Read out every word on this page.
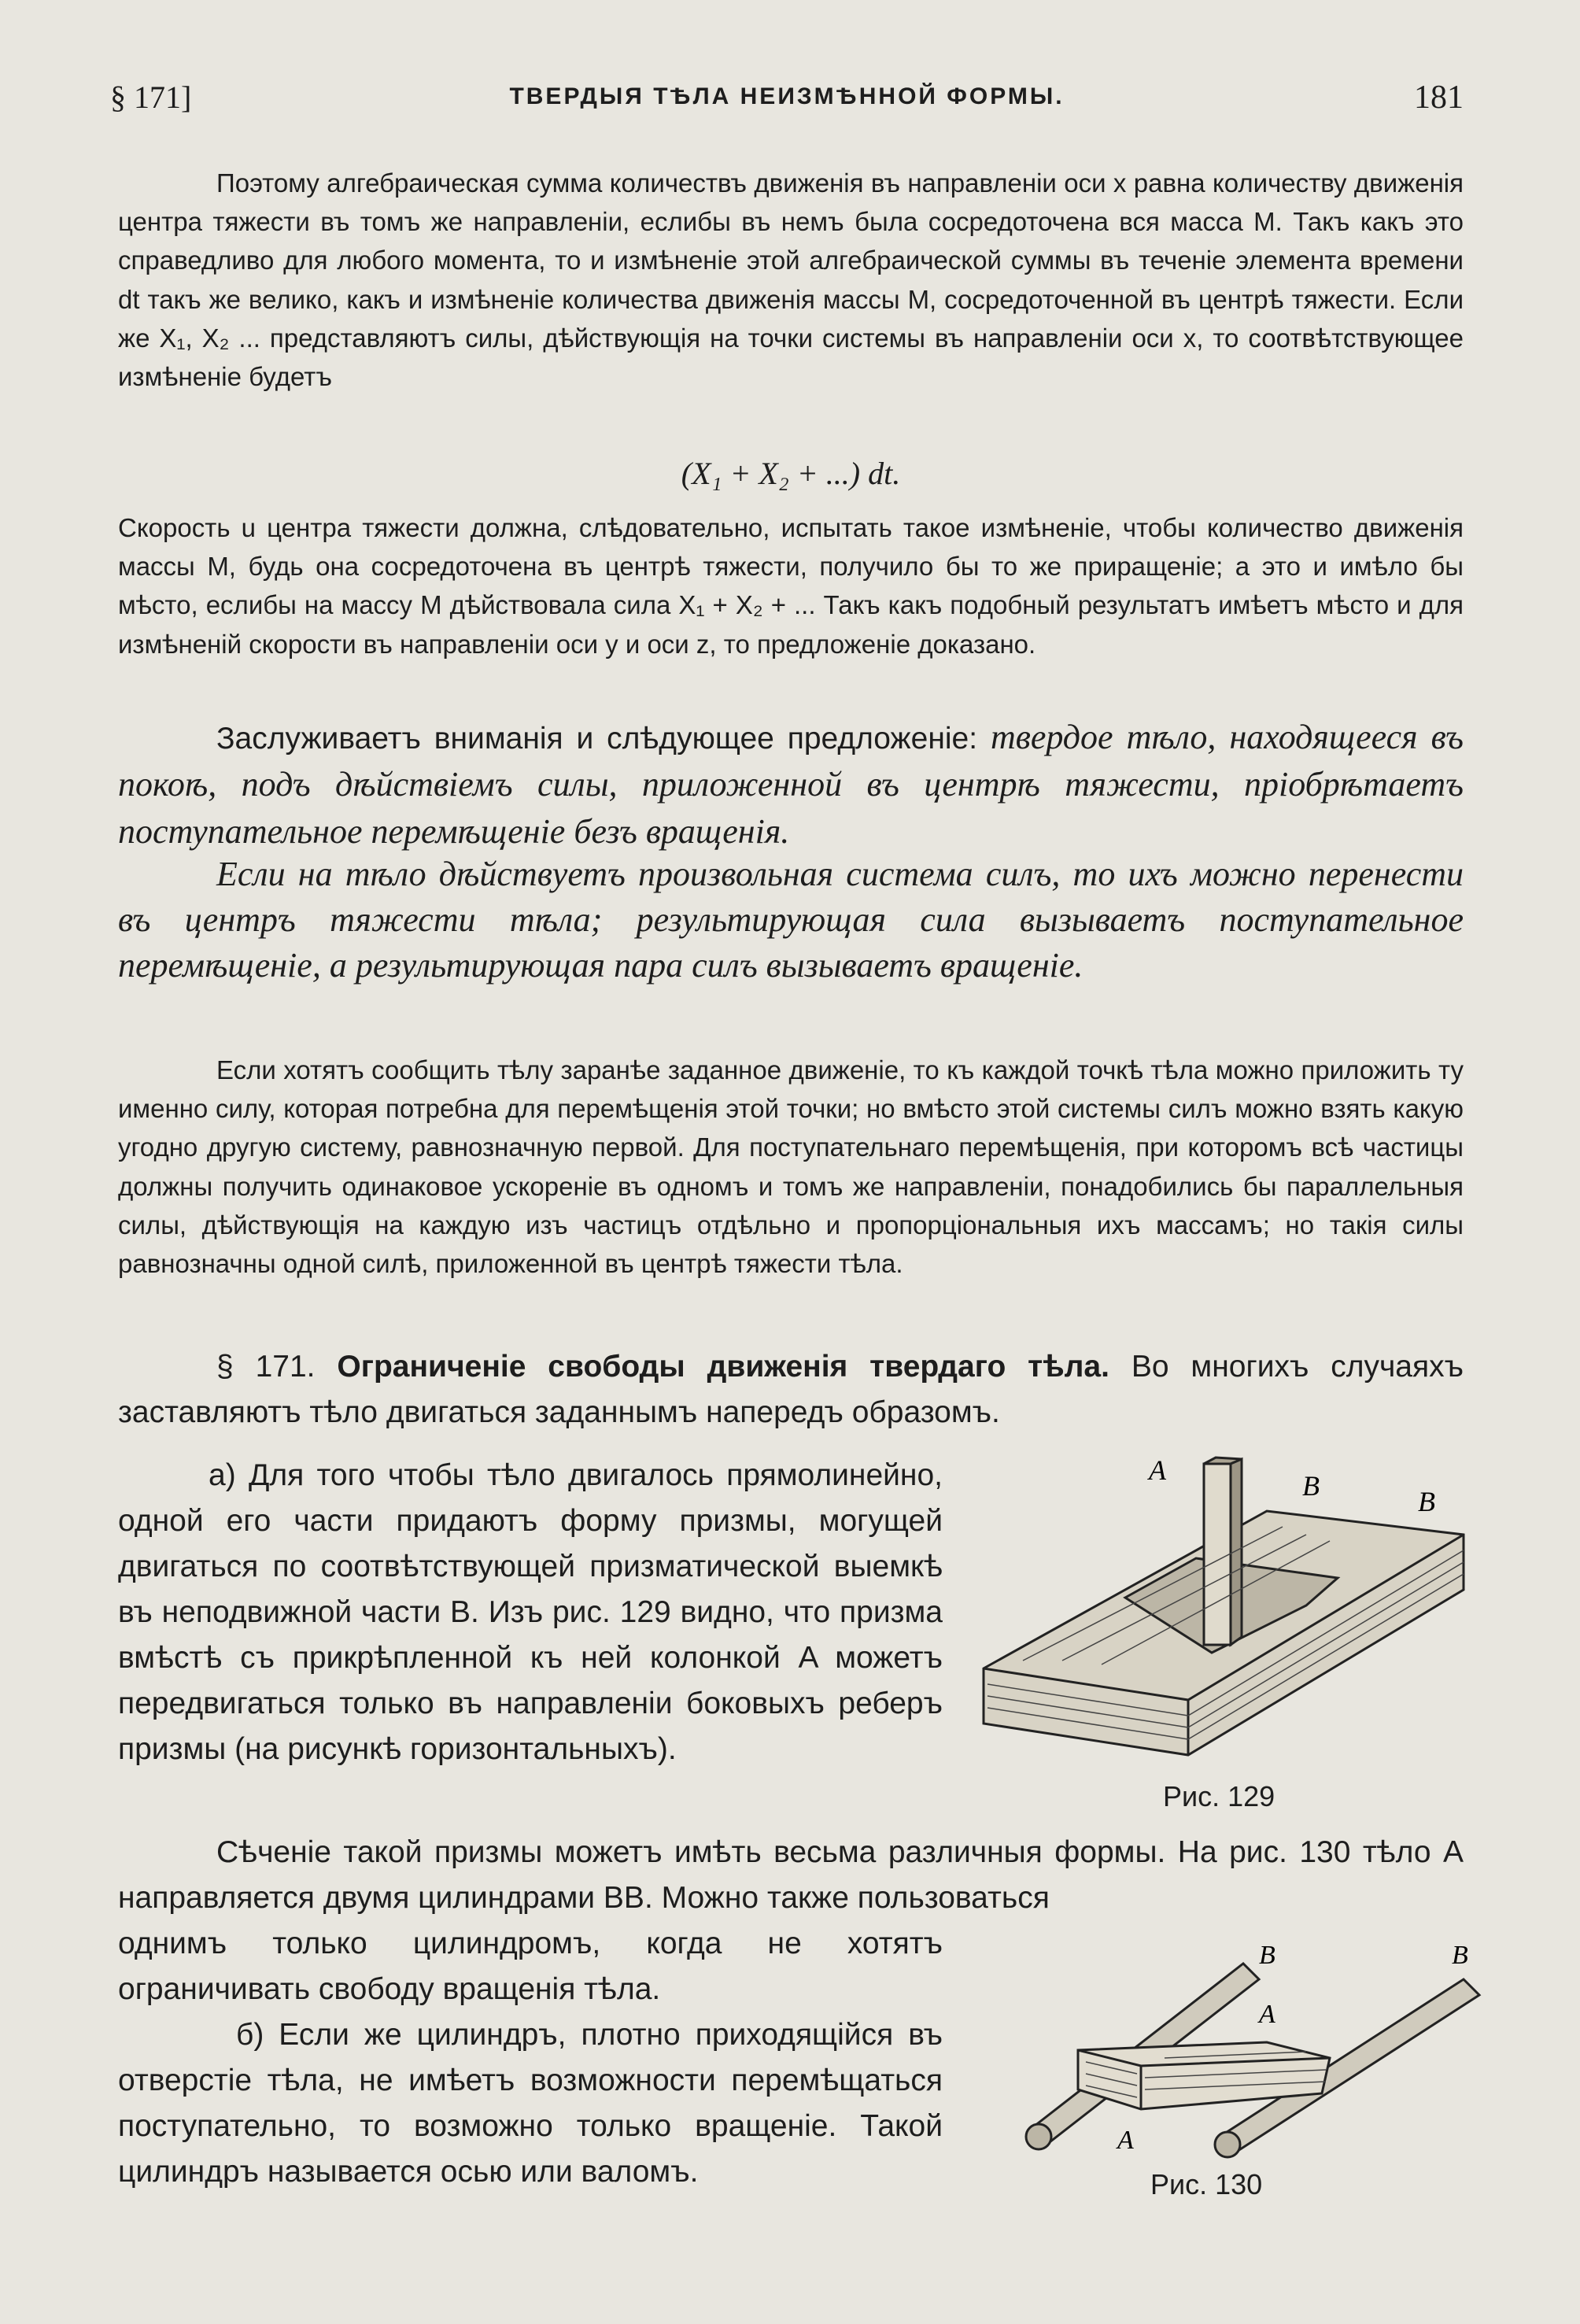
§ 171]	ТВЕРДЫЯ ТѢЛА НЕИЗМѢННОЙ ФОРМЫ.	181

Поэтому алгебраическая сумма количествъ движенія въ направленіи оси x равна количеству движенія центра тяжести въ томъ же направленіи, еслибы въ немъ была сосредоточена вся масса M. Такъ какъ это справедливо для любого момента, то и измѣненіе этой алгебраической суммы въ теченіе элемента времени dt такъ же велико, какъ и измѣненіе количества движенія массы M, сосредоточенной въ центрѣ тяжести. Если же X₁, X₂ ... представляютъ силы, дѣйствующія на точки системы въ направленіи оси x, то соотвѣтствующее измѣненіе будетъ

(X₁ + X₂ + ...) dt.

Скорость u центра тяжести должна, слѣдовательно, испытать такое измѣненіе, чтобы количество движенія массы M, будь она сосредоточена въ центрѣ тяжести, получило бы то же приращеніе; а это и имѣло бы мѣсто, еслибы на массу M дѣйствовала сила X₁ + X₂ + ... Такъ какъ подобный результатъ имѣетъ мѣсто и для измѣненій скорости въ направленіи оси y и оси z, то предложеніе доказано.

Заслуживаетъ вниманія и слѣдующее предложеніе: твердое тѣло, находящееся въ покоѣ, подъ дѣйствіемъ силы, приложенной въ центрѣ тяжести, пріобрѣтаетъ поступательное перемѣщеніе безъ вращенія.

Если на тѣло дѣйствуетъ произвольная система силъ, то ихъ можно перенести въ центръ тяжести тѣла; результирующая сила вызываетъ поступательное перемѣщеніе, а результирующая пара силъ вызываетъ вращеніе.

Если хотятъ сообщить тѣлу заранѣе заданное движеніе, то къ каждой точкѣ тѣла можно приложить ту именно силу, которая потребна для перемѣщенія этой точки; но вмѣсто этой системы силъ можно взять какую угодно другую систему, равнозначную первой. Для поступательнаго перемѣщенія, при которомъ всѣ частицы должны получить одинаковое ускореніе въ одномъ и томъ же направленіи, понадобились бы параллельныя силы, дѣйствующія на каждую изъ частицъ отдѣльно и пропорціональныя ихъ массамъ; но такія силы равнозначны одной силѣ, приложенной въ центрѣ тяжести тѣла.

§ 171. Ограниченіе свободы движенія твердаго тѣла. Во многихъ случаяхъ заставляютъ тѣло двигаться заданнымъ напередъ образомъ.

а) Для того чтобы тѣло двигалось прямолинейно, одной его части придаютъ форму призмы, могущей двигаться по соотвѣтствующей призматической выемкѣ въ неподвижной части B. Изъ рис. 129 видно, что призма вмѣстѣ съ прикрѣпленной къ ней колонкой A можетъ передвигаться только въ направленіи боковыхъ реберъ призмы (на рисункѣ горизонтальныхъ).

A	B	B
Рис. 129

Сѣченіе такой призмы можетъ имѣть весьма различныя формы. На рис. 130 тѣло A направляется двумя цилиндрами BB. Можно также пользоваться

однимъ только цилиндромъ, когда не хотятъ ограничивать свободу вращенія тѣла.

б) Если же цилиндръ, плотно приходящійся въ отверстіе тѣла, не имѣетъ возможности перемѣщаться поступательно, то возможно только вращеніе. Такой цилиндръ называется осью или валомъ.

B	B
A
A
Рис. 130
